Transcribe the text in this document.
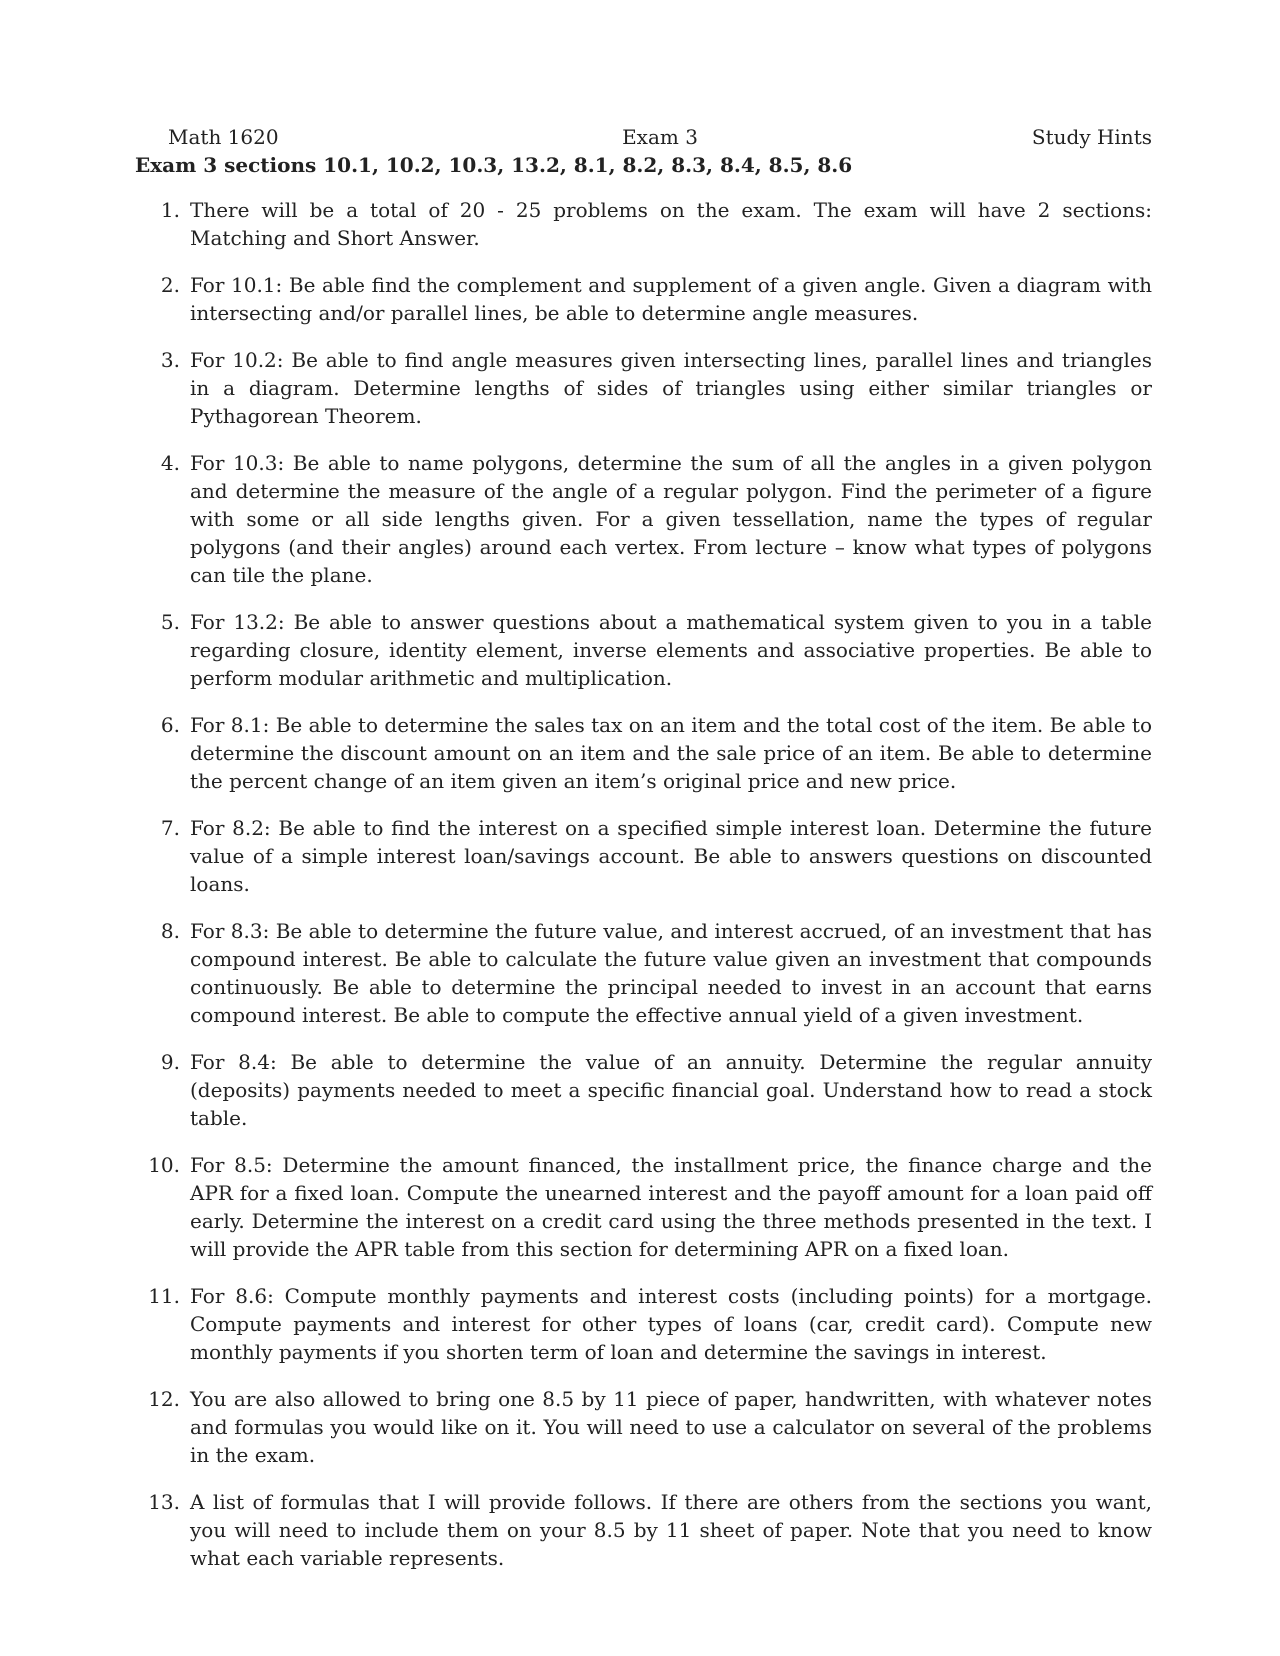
Math 1620	Exam 3	Study Hints
Exam 3 sections 10.1, 10.2, 10.3, 13.2, 8.1, 8.2, 8.3, 8.4, 8.5, 8.6
1. There will be a total of 20 - 25 problems on the exam. The exam will have 2 sections: Matching and Short Answer.
2. For 10.1: Be able find the complement and supplement of a given angle. Given a diagram with intersecting and/or parallel lines, be able to determine angle measures.
3. For 10.2: Be able to find angle measures given intersecting lines, parallel lines and triangles in a diagram. Determine lengths of sides of triangles using either similar triangles or Pythagorean Theorem.
4. For 10.3: Be able to name polygons, determine the sum of all the angles in a given polygon and determine the measure of the angle of a regular polygon. Find the perimeter of a figure with some or all side lengths given. For a given tessellation, name the types of regular polygons (and their angles) around each vertex. From lecture – know what types of polygons can tile the plane.
5. For 13.2: Be able to answer questions about a mathematical system given to you in a table regarding closure, identity element, inverse elements and associative properties. Be able to perform modular arithmetic and multiplication.
6. For 8.1: Be able to determine the sales tax on an item and the total cost of the item. Be able to determine the discount amount on an item and the sale price of an item. Be able to determine the percent change of an item given an item’s original price and new price.
7. For 8.2: Be able to find the interest on a specified simple interest loan. Determine the future value of a simple interest loan/savings account. Be able to answers questions on discounted loans.
8. For 8.3: Be able to determine the future value, and interest accrued, of an investment that has compound interest. Be able to calculate the future value given an investment that compounds continuously. Be able to determine the principal needed to invest in an account that earns compound interest. Be able to compute the effective annual yield of a given investment.
9. For 8.4: Be able to determine the value of an annuity. Determine the regular annuity (deposits) payments needed to meet a specific financial goal. Understand how to read a stock table.
10. For 8.5: Determine the amount financed, the installment price, the finance charge and the APR for a fixed loan. Compute the unearned interest and the payoff amount for a loan paid off early. Determine the interest on a credit card using the three methods presented in the text. I will provide the APR table from this section for determining APR on a fixed loan.
11. For 8.6: Compute monthly payments and interest costs (including points) for a mortgage. Compute payments and interest for other types of loans (car, credit card). Compute new monthly payments if you shorten term of loan and determine the savings in interest.
12. You are also allowed to bring one 8.5 by 11 piece of paper, handwritten, with whatever notes and formulas you would like on it. You will need to use a calculator on several of the problems in the exam.
13. A list of formulas that I will provide follows. If there are others from the sections you want, you will need to include them on your 8.5 by 11 sheet of paper. Note that you need to know what each variable represents.
